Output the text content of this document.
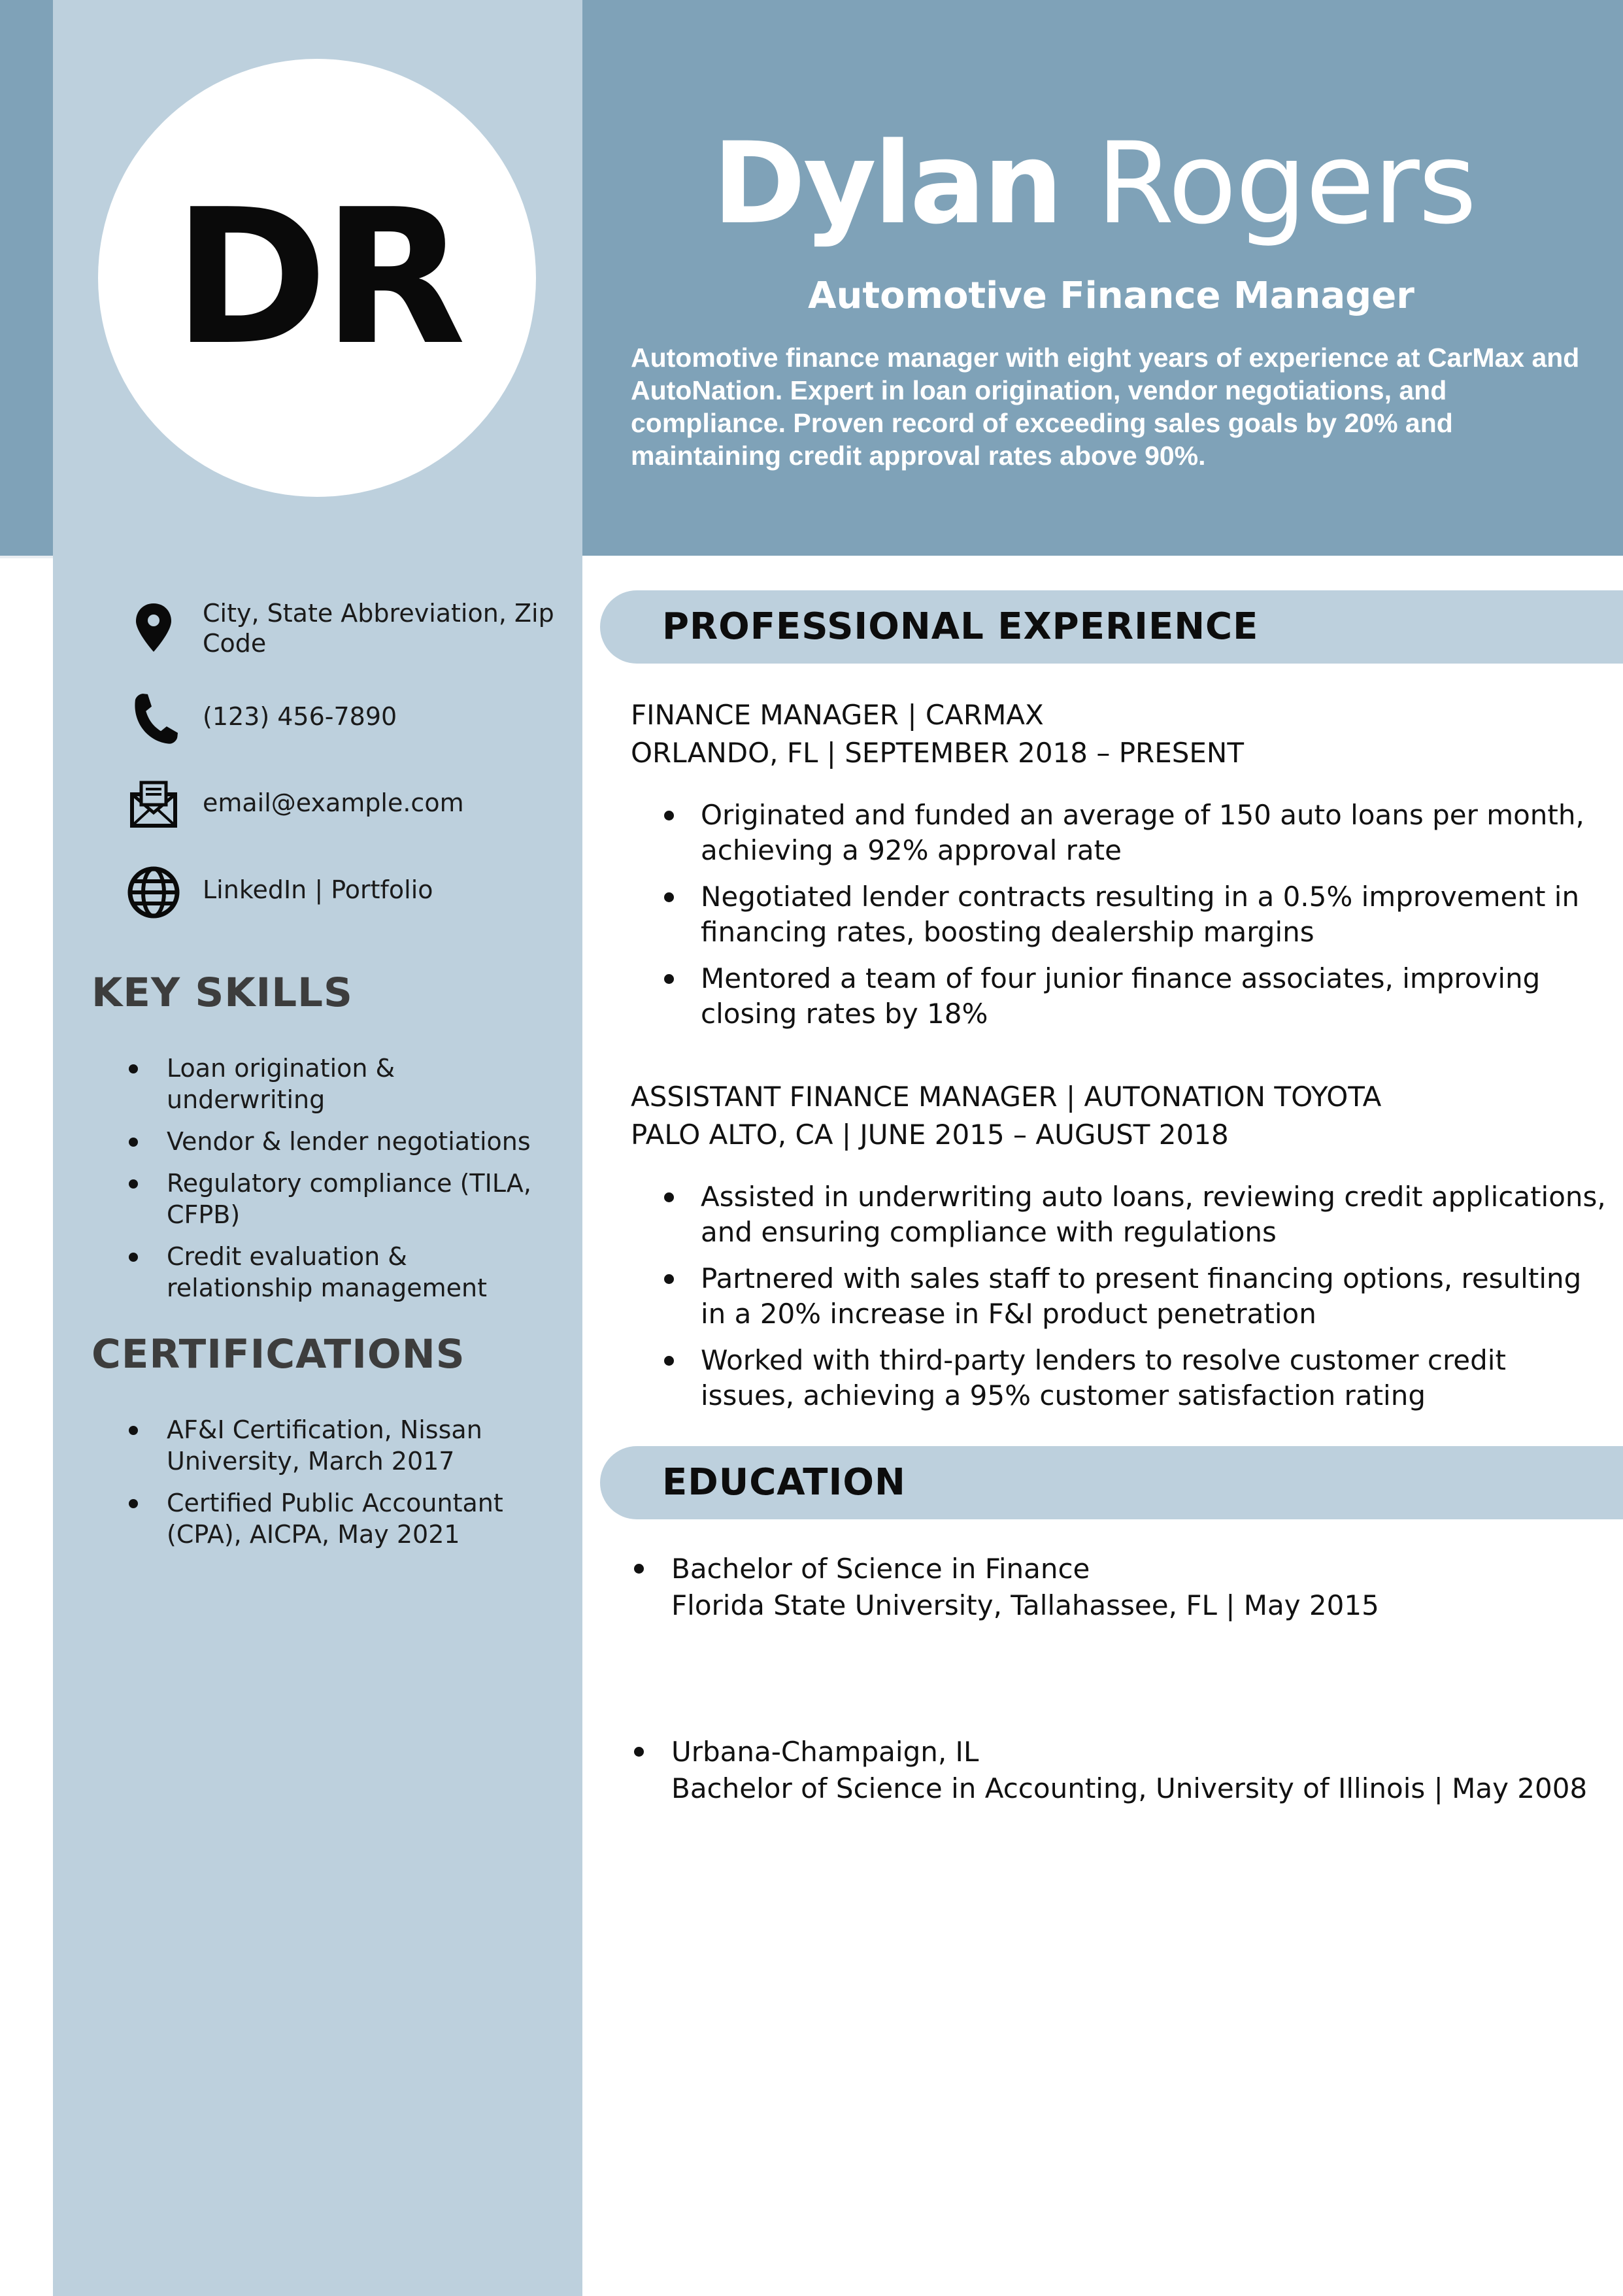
DR Dylan Rogers
Automotive Finance Manager
Automotive finance manager with eight years of experience at CarMax and AutoNation. Expert in loan origination, vendor negotiations, and compliance. Proven record of exceeding sales goals by 20% and maintaining credit approval rates above 90%.
City, State Abbreviation, Zip Code
(123) 456-7890
email@example.com
LinkedIn | Portfolio
KEY SKILLS
Loan origination & underwriting
Vendor & lender negotiations
Regulatory compliance (TILA, CFPB)
Credit evaluation & relationship management
CERTIFICATIONS
AF&I Certification, Nissan University, March 2017
Certified Public Accountant (CPA), AICPA, May 2021
PROFESSIONAL EXPERIENCE
FINANCE MANAGER | CARMAX
ORLANDO, FL | SEPTEMBER 2018 – PRESENT
Originated and funded an average of 150 auto loans per month, achieving a 92% approval rate
Negotiated lender contracts resulting in a 0.5% improvement in financing rates, boosting dealership margins
Mentored a team of four junior finance associates, improving closing rates by 18%
ASSISTANT FINANCE MANAGER | AUTONATION TOYOTA
PALO ALTO, CA | JUNE 2015 – AUGUST 2018
Assisted in underwriting auto loans, reviewing credit applications, and ensuring compliance with regulations
Partnered with sales staff to present financing options, resulting in a 20% increase in F&I product penetration
Worked with third-party lenders to resolve customer credit issues, achieving a 95% customer satisfaction rating
EDUCATION
Bachelor of Science in Finance
Florida State University, Tallahassee, FL | May 2015
Urbana-Champaign, IL
Bachelor of Science in Accounting, University of Illinois | May 2008
